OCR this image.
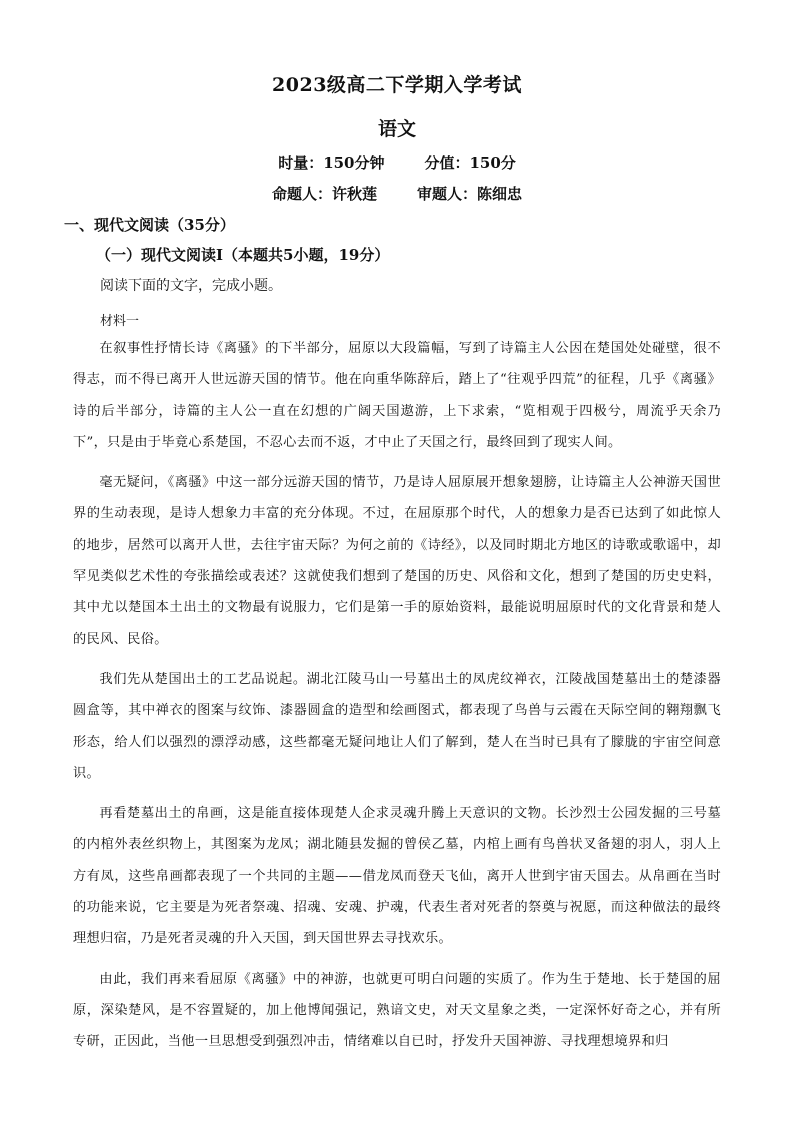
2023级高二下学期入学考试
语文
时量：150分钟	分值：150分
命题人：许秋莲	审题人：陈细忠
一、现代文阅读（35分）
（一）现代文阅读Ⅰ（本题共5小题，19分）
阅读下面的文字，完成小题。
材料一

在叙事性抒情长诗《离骚》的下半部分，屈原以大段篇幅，写到了诗篇主人公因在楚国处处碰壁，很不得志，而不得已离开人世远游天国的情节。他在向重华陈辞后，踏上了“往观乎四荒”的征程，几乎《离骚》诗的后半部分，诗篇的主人公一直在幻想的广阔天国遨游，上下求索，“览相观于四极兮，周流乎天余乃下”，只是由于毕竟心系楚国，不忍心去而不返，才中止了天国之行，最终回到了现实人间。

毫无疑问，《离骚》中这一部分远游天国的情节，乃是诗人屈原展开想象翅膀，让诗篇主人公神游天国世界的生动表现，是诗人想象力丰富的充分体现。不过，在屈原那个时代，人的想象力是否已达到了如此惊人的地步，居然可以离开人世，去往宇宙天际？为何之前的《诗经》，以及同时期北方地区的诗歌或歌谣中，却罕见类似艺术性的夸张描绘或表述？这就使我们想到了楚国的历史、风俗和文化，想到了楚国的历史史料，其中尤以楚国本土出土的文物最有说服力，它们是第一手的原始资料，最能说明屈原时代的文化背景和楚人的民风、民俗。

我们先从楚国出土的工艺品说起。湖北江陵马山一号墓出土的凤虎纹禅衣，江陵战国楚墓出土的楚漆器圆盒等，其中禅衣的图案与纹饰、漆器圆盒的造型和绘画图式，都表现了鸟兽与云霞在天际空间的翱翔飘飞形态，给人们以强烈的漂浮动感，这些都毫无疑问地让人们了解到，楚人在当时已具有了朦胧的宇宙空间意识。

再看楚墓出土的帛画，这是能直接体现楚人企求灵魂升腾上天意识的文物。长沙烈士公园发掘的三号墓的内棺外表丝织物上，其图案为龙凤；湖北随县发掘的曾侯乙墓，内棺上画有鸟兽状叉备翅的羽人，羽人上方有凤，这些帛画都表现了一个共同的主题——借龙凤而登天飞仙，离开人世到宇宙天国去。从帛画在当时的功能来说，它主要是为死者祭魂、招魂、安魂、护魂，代表生者对死者的祭奠与祝愿，而这种做法的最终理想归宿，乃是死者灵魂的升入天国，到天国世界去寻找欢乐。

由此，我们再来看屈原《离骚》中的神游，也就更可明白问题的实质了。作为生于楚地、长于楚国的屈原，深染楚风，是不容置疑的，加上他博闻强记，熟谙文史，对天文星象之类，一定深怀好奇之心，并有所专研，正因此，当他一旦思想受到强烈冲击，情绪难以自已时，抒发升天国神游、寻找理想境界和归
